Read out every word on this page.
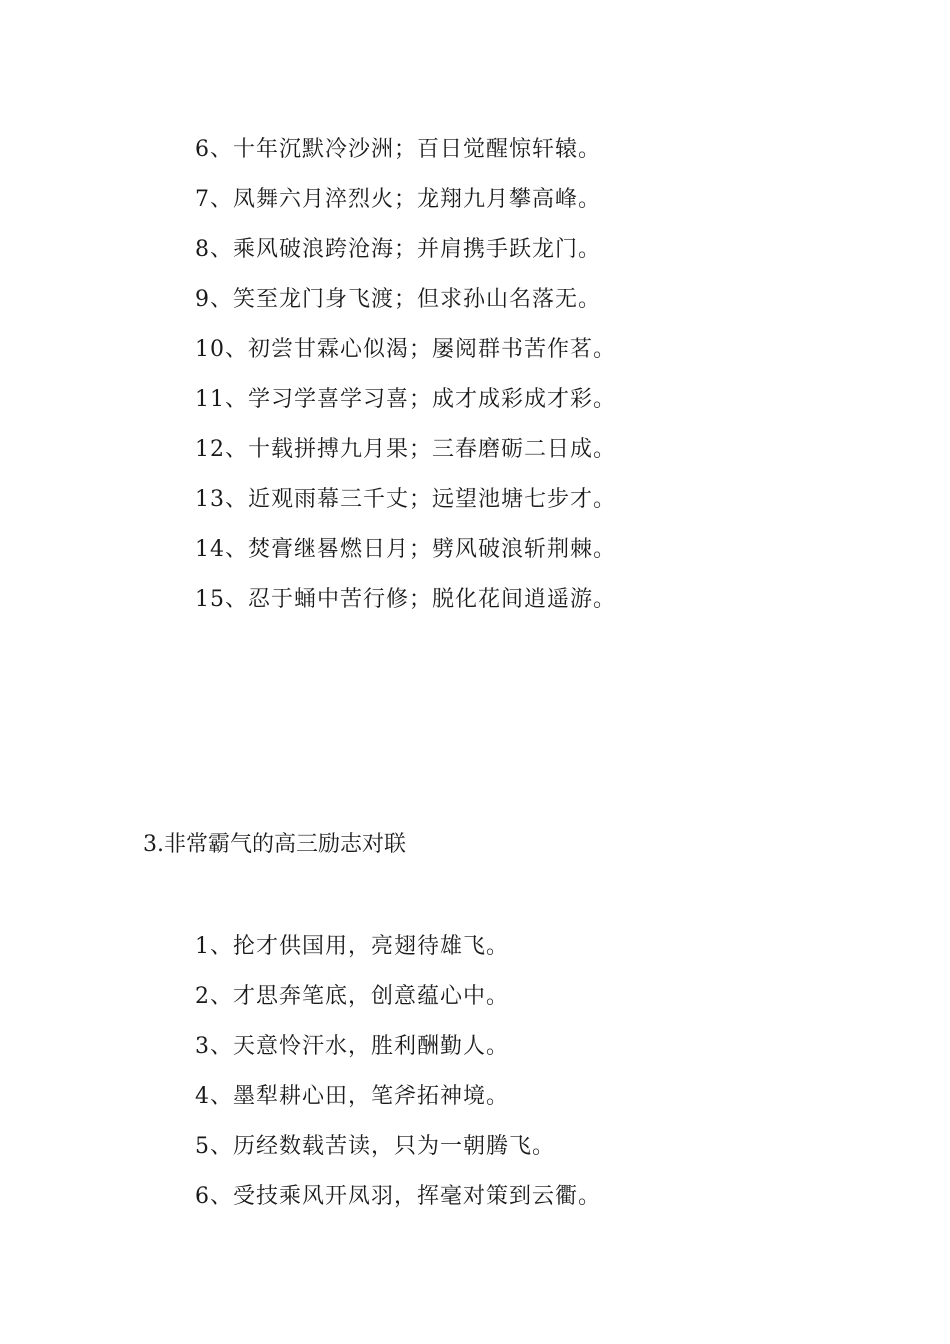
6、十年沉默冷沙洲；百日觉醒惊轩辕。
7、凤舞六月淬烈火；龙翔九月攀高峰。
8、乘风破浪跨沧海；并肩携手跃龙门。
9、笑至龙门身飞渡；但求孙山名落无。
10、初尝甘霖心似渴；屡阅群书苦作茗。
11、学习学喜学习喜；成才成彩成才彩。
12、十载拼搏九月果；三春磨砺二日成。
13、近观雨幕三千丈；远望池塘七步才。
14、焚膏继晷燃日月；劈风破浪斩荆棘。
15、忍于蛹中苦行修；脱化花间逍遥游。
3.非常霸气的高三励志对联
1、抡才供国用，亮翅待雄飞。
2、才思奔笔底，创意蕴心中。
3、天意怜汗水，胜利酬勤人。
4、墨犁耕心田，笔斧拓神境。
5、历经数载苦读，只为一朝腾飞。
6、受技乘风开凤羽，挥毫对策到云衢。
